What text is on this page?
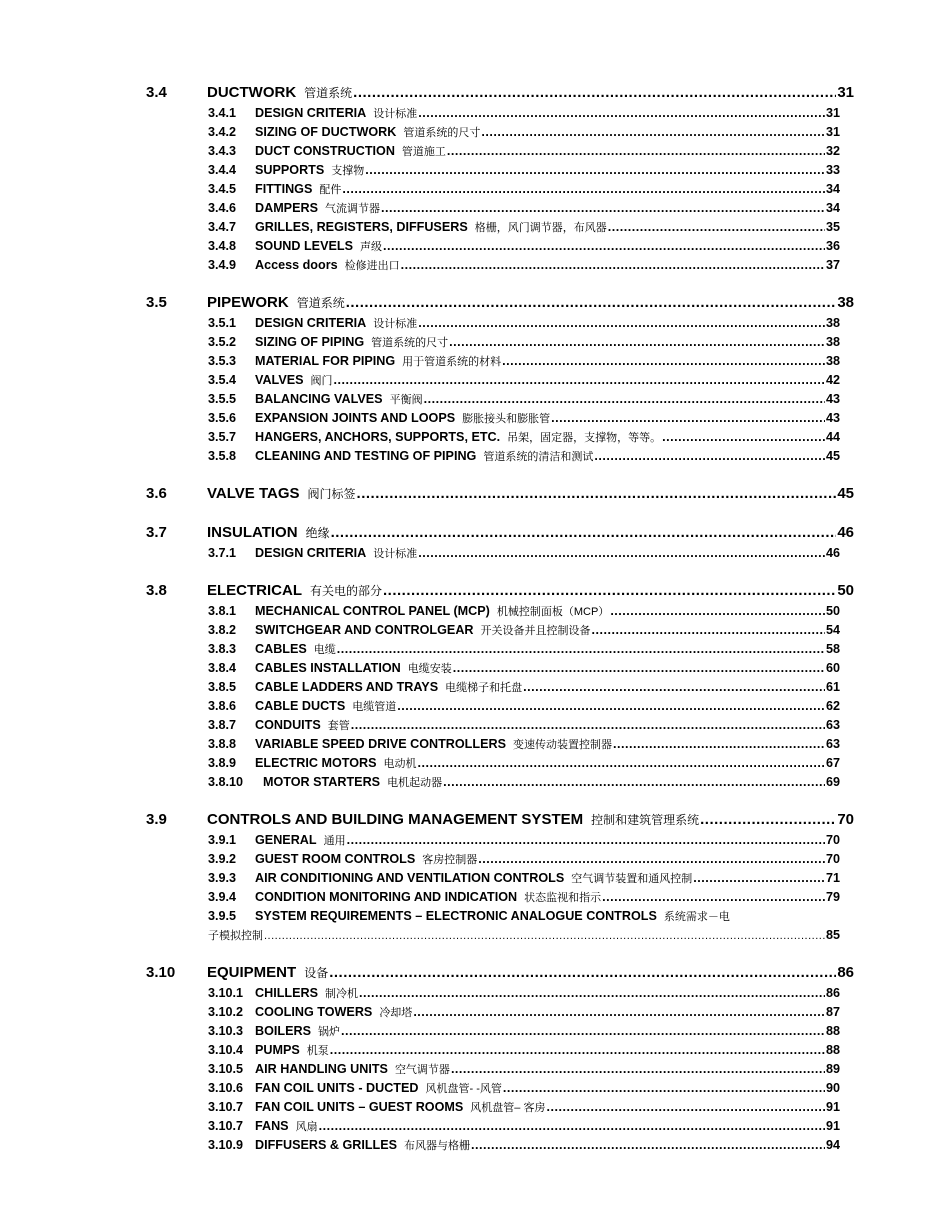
3.4	DUCTWORK 管道系统 .....	31
3.4.1	DESIGN CRITERIA 设计标准 .....	31
3.4.2	SIZING OF DUCTWORK 管道系统的尺寸 .....	31
3.4.3	DUCT CONSTRUCTION 管道施工 .....	32
3.4.4	SUPPORTS 支撑物 .....	33
3.4.5	FITTINGS 配件 .....	34
3.4.6	DAMPERS 气流调节器 .....	34
3.4.7	GRILLES, REGISTERS, DIFFUSERS 格栅，风门调节器，布风器 .....	35
3.4.8	SOUND LEVELS 声级 .....	36
3.4.9	Access doors 检修进出口 .....	37
3.5	PIPEWORK 管道系统 .....	38
3.5.1	DESIGN CRITERIA 设计标准 .....	38
3.5.2	SIZING OF PIPING 管道系统的尺寸 .....	38
3.5.3	MATERIAL FOR PIPING 用于管道系统的材料 .....	38
3.5.4	VALVES 阀门 .....	42
3.5.5	BALANCING VALVES 平衡阀 .....	43
3.5.6	EXPANSION JOINTS AND LOOPS 膨胀接头和膨胀管 .....	43
3.5.7	HANGERS, ANCHORS, SUPPORTS, ETC. 吊架，固定器，支撑物，等等。 .....	44
3.5.8	CLEANING AND TESTING OF PIPING 管道系统的清洁和测试 .....	45
3.6	VALVE TAGS 阀门标签 .....	45
3.7	INSULATION 绝缘 .....	46
3.7.1	DESIGN CRITERIA 设计标准 .....	46
3.8	ELECTRICAL 有关电的部分 .....	50
3.8.1	MECHANICAL CONTROL PANEL (MCP) 机械控制面板（MCP） .....	50
3.8.2	SWITCHGEAR AND CONTROLGEAR 开关设备并且控制设备 .....	54
3.8.3	CABLES 电缆 .....	58
3.8.4	CABLES INSTALLATION 电缆安装 .....	60
3.8.5	CABLE LADDERS AND TRAYS 电缆梯子和托盘 .....	61
3.8.6	CABLE DUCTS 电缆管道 .....	62
3.8.7	CONDUITS 套管 .....	63
3.8.8	VARIABLE SPEED DRIVE CONTROLLERS 变速传动装置控制器 .....	63
3.8.9	ELECTRIC MOTORS 电动机 .....	67
3.8.10	MOTOR STARTERS 电机起动器 .....	69
3.9	CONTROLS AND BUILDING MANAGEMENT SYSTEM 控制和建筑管理系统 .....	70
3.9.1	GENERAL 通用 .....	70
3.9.2	GUEST ROOM CONTROLS 客房控制器 .....	70
3.9.3	AIR CONDITIONING AND VENTILATION CONTROLS 空气调节装置和通风控制 .....	71
3.9.4	CONDITION MONITORING AND INDICATION 状态监视和指示 .....	79
3.9.5	SYSTEM REQUIREMENTS – ELECTRONIC ANALOGUE CONTROLS 系统需求－电
子模拟控制 .....	85
3.10	EQUIPMENT 设备 .....	86
3.10.1 CHILLERS 制冷机 .....	86
3.10.2 COOLING TOWERS 冷却塔 .....	87
3.10.3 BOILERS 锅炉 .....	88
3.10.4 PUMPS 机泵 .....	88
3.10.5 AIR HANDLING UNITS 空气调节器 .....	89
3.10.6 FAN COIL UNITS - DUCTED 风机盘管- -风管 .....	90
3.10.7 FAN COIL UNITS – GUEST ROOMS 风机盘管– 客房 .....	91
3.10.7 FANS 风扇 .....	91
3.10.9 DIFFUSERS & GRILLES 布风器与格栅 .....	94
